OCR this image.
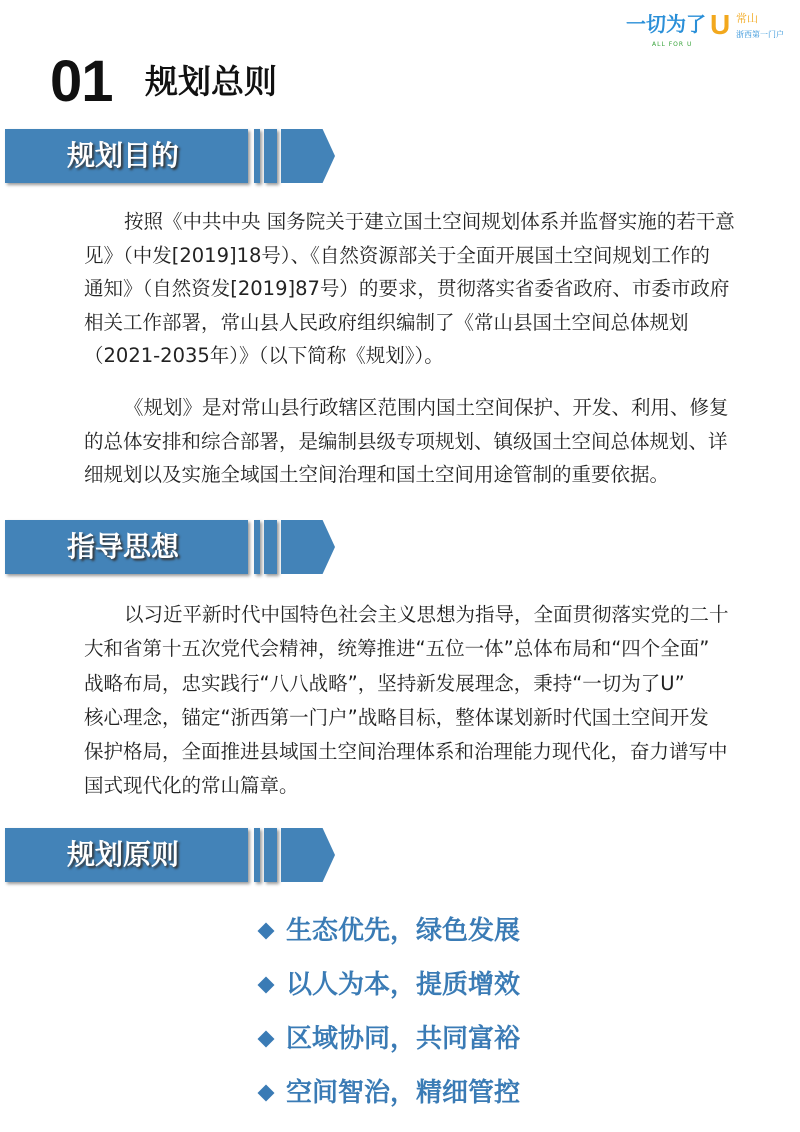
一切为了 U
ALL FOR U
常山
浙西第一门户
01 规划总则
规划目的
按照《中共中央 国务院关于建立国土空间规划体系并监督实施的若干意
见》（中发[2019]18号）、《自然资源部关于全面开展国土空间规划工作的
通知》（自然资发[2019]87号）的要求，贯彻落实省委省政府、市委市政府
相关工作部署，常山县人民政府组织编制了《常山县国土空间总体规划
（2021-2035年）》（以下简称《规划》）。
《规划》是对常山县行政辖区范围内国土空间保护、开发、利用、修复
的总体安排和综合部署，是编制县级专项规划、镇级国土空间总体规划、详
细规划以及实施全域国土空间治理和国土空间用途管制的重要依据。
指导思想
以习近平新时代中国特色社会主义思想为指导，全面贯彻落实党的二十
大和省第十五次党代会精神，统筹推进“五位一体”总体布局和“四个全面”
战略布局，忠实践行“八八战略”，坚持新发展理念，秉持“一切为了U”
核心理念，锚定“浙西第一门户”战略目标，整体谋划新时代国土空间开发
保护格局，全面推进县域国土空间治理体系和治理能力现代化，奋力谱写中
国式现代化的常山篇章。
规划原则
生态优先，绿色发展
以人为本，提质增效
区域协同，共同富裕
空间智治，精细管控
